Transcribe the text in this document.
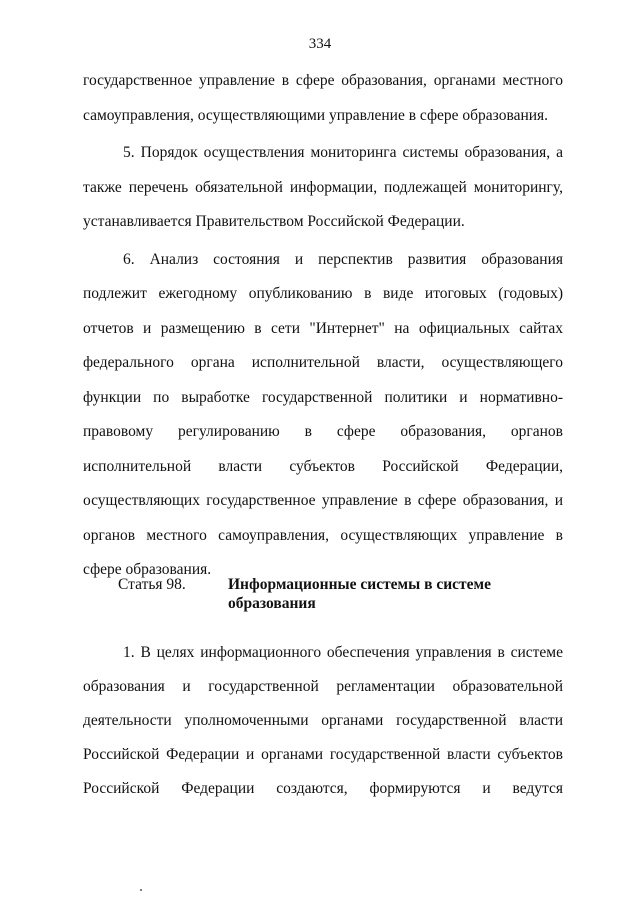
334

государственное управление в сфере образования, органами местного самоуправления, осуществляющими управление в сфере образования.

5. Порядок осуществления мониторинга системы образования, а также перечень обязательной информации, подлежащей мониторингу, устанавливается Правительством Российской Федерации.

6. Анализ состояния и перспектив развития образования подлежит ежегодному опубликованию в виде итоговых (годовых) отчетов и размещению в сети "Интернет" на официальных сайтах федерального органа исполнительной власти, осуществляющего функции по выработке государственной политики и нормативно-правовому регулированию в сфере образования, органов исполнительной власти субъектов Российской Федерации, осуществляющих государственное управление в сфере образования, и органов местного самоуправления, осуществляющих управление в сфере образования.

Статья 98.	Информационные системы в системе образования

1. В целях информационного обеспечения управления в системе образования и государственной регламентации образовательной деятельности уполномоченными органами государственной власти Российской Федерации и органами государственной власти субъектов Российской Федерации создаются, формируются и ведутся
